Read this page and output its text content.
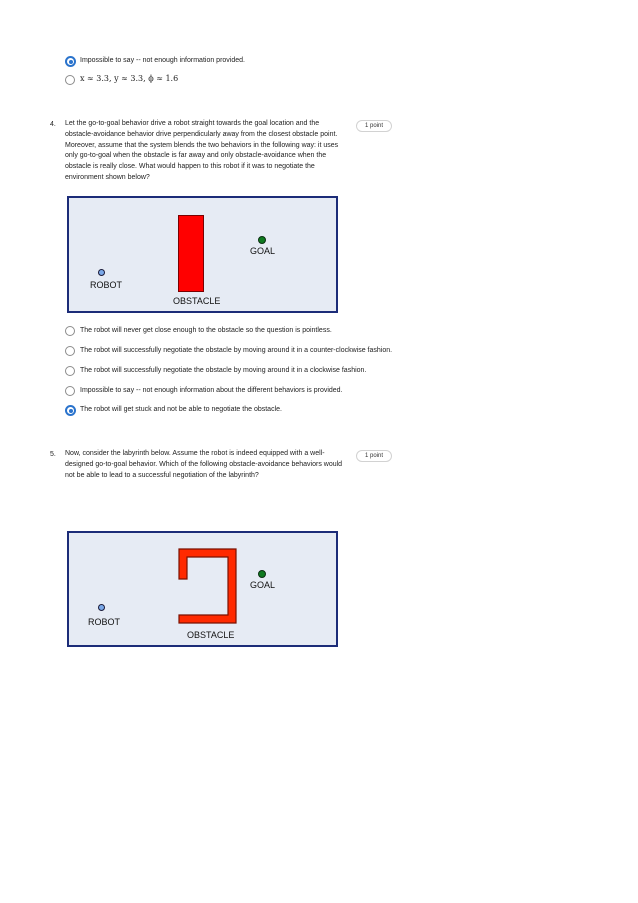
Impossible to say -- not enough information provided.
x ≈ 3.3, y ≈ 3.3, ϕ ≈ 1.6
4. Let the go-to-goal behavior drive a robot straight towards the goal location and the
obstacle-avoidance behavior drive perpendicularly away from the closest obstacle point.
Moreover, assume that the system blends the two behaviors in the following way: it uses
only go-to-goal when the obstacle is far away and only obstacle-avoidance when the
obstacle is really close. What would happen to this robot if it was to negotiate the
environment shown below?
1 point
GOAL
ROBOT
OBSTACLE
The robot will never get close enough to the obstacle so the question is pointless.
The robot will successfully negotiate the obstacle by moving around it in a counter-clockwise fashion.
The robot will successfully negotiate the obstacle by moving around it in a clockwise fashion.
Impossible to say -- not enough information about the different behaviors is provided.
The robot will get stuck and not be able to negotiate the obstacle.
5. Now, consider the labyrinth below. Assume the robot is indeed equipped with a well-
designed go-to-goal behavior. Which of the following obstacle-avoidance behaviors would
not be able to lead to a successful negotiation of the labyrinth?
1 point
GOAL
ROBOT
OBSTACLE
